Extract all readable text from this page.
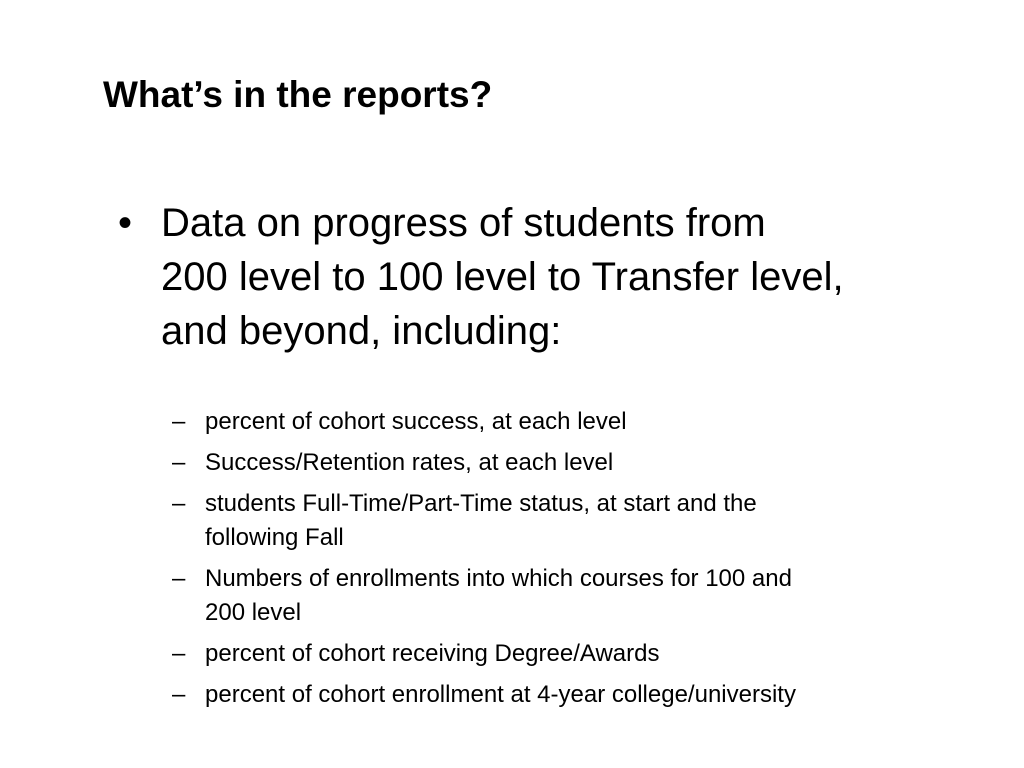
What’s in the reports?
• Data on progress of students from
200 level to 100 level to Transfer level,
and beyond, including:
– percent of cohort success, at each level
– Success/Retention rates, at each level
– students Full-Time/Part-Time status, at start and the
following Fall
– Numbers of enrollments into which courses for 100 and
200 level
– percent of cohort receiving Degree/Awards
– percent of cohort enrollment at 4-year college/university
